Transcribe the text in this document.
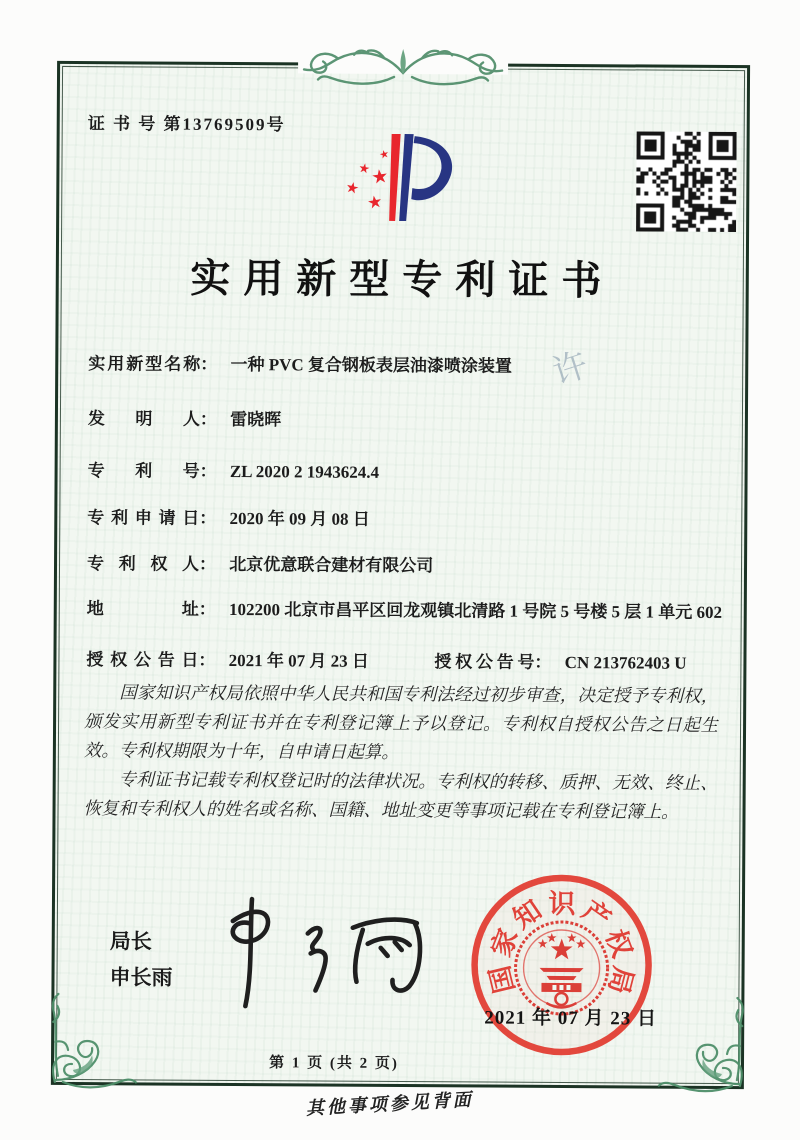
证 书 号 第13769509号
★
★
★
★
★
实用新型专利证书
实用新型名称： 一种 PVC 复合钢板表层油漆喷涂装置
发明人： 雷晓晖
专利号： ZL 2020 2 1943624.4
专利申请日： 2020 年 09 月 08 日
专利权人： 北京优意联合建材有限公司
地址： 102200 北京市昌平区回龙观镇北清路 1 号院 5 号楼 5 层 1 单元 602
授权公告日： 2021 年 07 月 23 日	授权公告号： CN 213762403 U

国家知识产权局依照中华人民共和国专利法经过初步审查，决定授予专利权，颁发实用新型专利证书并在专利登记簿上予以登记。专利权自授权公告之日起生效。专利权期限为十年，自申请日起算。

专利证书记载专利权登记时的法律状况。专利权的转移、质押、无效、终止、恢复和专利权人的姓名或名称、国籍、地址变更等事项记载在专利登记簿上。

许
局长
申长雨	国
家
知 识 产
权
局
2021 年 07 月 23 日
第 1 页 (共 2 页)
其他事项参见背面
